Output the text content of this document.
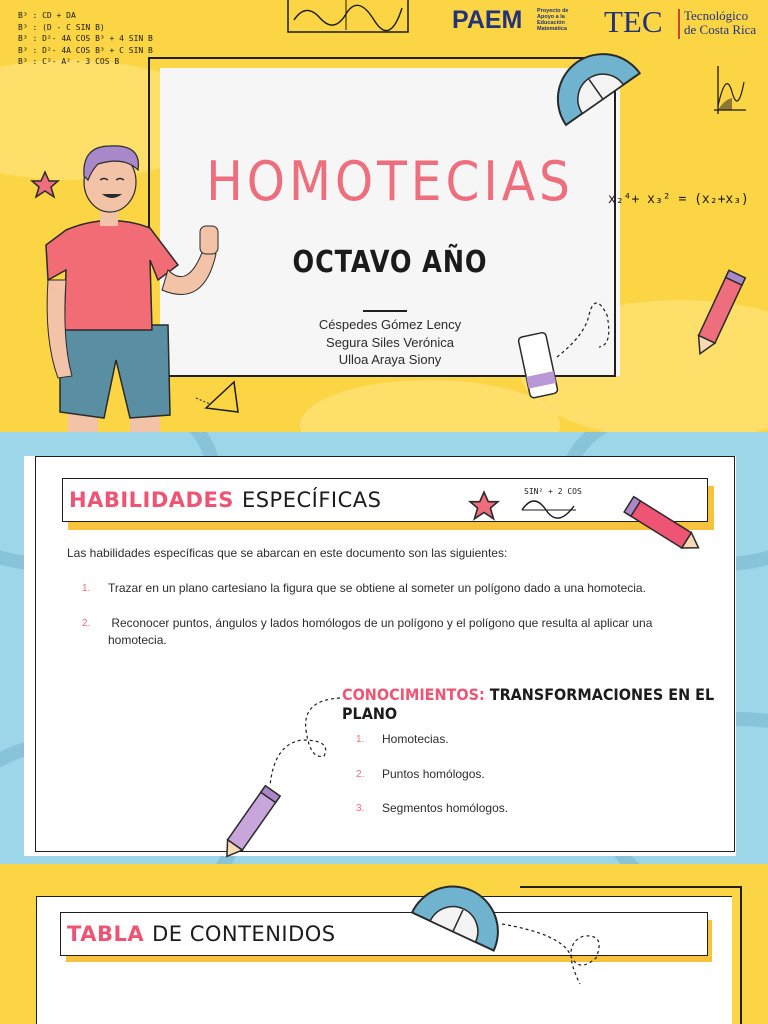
B³ : CD + DA
B³ : (D - C SIN B)
B³ : D²- 4A COS B³ + 4 SIN B
B³ : D²- 4A COS B³ + C SIN B
B³ : C²- A² - 3 COS B
PAEM	Proyecto de Apoyo a la Educación Matemática	TEC Tecnológico
de Costa Rica
HOMOTECIAS
OCTAVO AÑO
Céspedes Gómez Lency
Segura Siles Verónica
Ulloa Araya Siony
x₂⁴+ x₃² = (x₂+x₃)
HABILIDADES ESPECÍFICAS	SIN² + 2 COS
Las habilidades específicas que se abarcan en este documento son las siguientes:
1. Trazar en un plano cartesiano la figura que se obtiene al someter un polígono dado a una homotecia.
2. Reconocer puntos, ángulos y lados homólogos de un polígono y el polígono que resulta al aplicar una
homotecia.
CONOCIMIENTOS: TRANSFORMACIONES EN EL PLANO
1. Homotecias.
2. Puntos homólogos.
3. Segmentos homólogos.
TABLA DE CONTENIDOS
